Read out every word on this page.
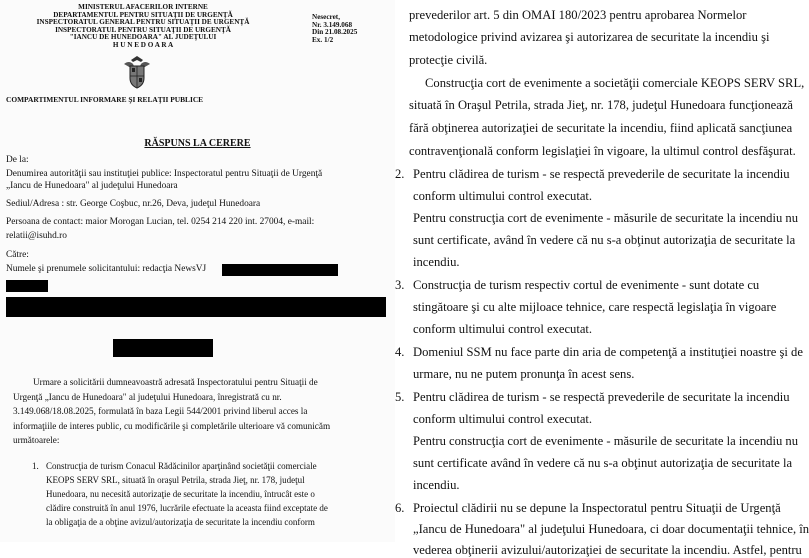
MINISTERUL AFACERILOR INTERNE
DEPARTAMENTUL PENTRU SITUAŢII DE URGENŢĂ
INSPECTORATUL GENERAL PENTRU SITUAŢII DE URGENŢĂ
INSPECTORATUL PENTRU SITUAŢII DE URGENŢĂ
"IANCU DE HUNEDOARA" AL JUDEŢULUI
H U N E D O A R A
Nesecret,
Nr. 3.149.068
Din 21.08.2025
Ex. 1/2
COMPARTIMENTUL INFORMARE ŞI RELAŢII PUBLICE
RĂSPUNS LA CERERE
De la:
Denumirea autorităţii sau instituţiei publice: Inspectoratul pentru Situaţii de Urgenţă
„Iancu de Hunedoara" al judeţului Hunedoara
Sediul/Adresa : str. George Coşbuc, nr.26, Deva, judeţul Hunedoara
Persoana de contact: maior Morogan Lucian, tel. 0254 214 220 int. 27004, e-mail:
relatii@isuhd.ro
Către:
Numele şi prenumele solicitantului: redacţia NewsVJ
Urmare a solicitării dumneavoastră adresată Inspectoratului pentru Situaţii de
Urgenţă „Iancu de Hunedoara" al judeţului Hunedoara, înregistrată cu nr.
3.149.068/18.08.2025, formulată în baza Legii 544/2001 privind liberul acces la
informaţiile de interes public, cu modificările şi completările ulterioare vă comunicăm
următoarele:
1. Construcţia de turism Conacul Rădăcinilor aparţinând societăţii comerciale
KEOPS SERV SRL, situată în oraşul Petrila, strada Jieţ, nr. 178, judeţul
Hunedoara, nu necesită autorizaţie de securitate la incendiu, întrucât este o
clădire construită în anul 1976, lucrările efectuate la aceasta fiind exceptate de
la obligaţia de a obţine avizul/autorizaţia de securitate la incendiu conform
prevederilor art. 5 din OMAI 180/2023 pentru aprobarea Normelor
metodologice privind avizarea şi autorizarea de securitate la incendiu şi
protecţie civilă.
Construcţia cort de evenimente a societăţii comerciale KEOPS SERV SRL,
situată în Oraşul Petrila, strada Jieţ, nr. 178, judeţul Hunedoara funcţionează
fără obţinerea autorizaţiei de securitate la incendiu, fiind aplicată sancţiunea
contravenţională conform legislaţiei în vigoare, la ultimul control desfăşurat.
2. Pentru clădirea de turism - se respectă prevederile de securitate la incendiu
conform ultimului control executat.
Pentru construcţia cort de evenimente - măsurile de securitate la incendiu nu
sunt certificate, având în vedere că nu s-a obţinut autorizaţia de securitate la
incendiu.
3. Construcţia de turism respectiv cortul de evenimente - sunt dotate cu
stingătoare şi cu alte mijloace tehnice, care respectă legislaţia în vigoare
conform ultimului control executat.
4. Domeniul SSM nu face parte din aria de competenţă a instituţiei noastre şi de
urmare, nu ne putem pronunţa în acest sens.
5. Pentru clădirea de turism - se respectă prevederile de securitate la incendiu
conform ultimului control executat.
Pentru construcţia cort de evenimente - măsurile de securitate la incendiu nu
sunt certificate având în vedere că nu s-a obţinut autorizaţia de securitate la
incendiu.
6. Proiectul clădirii nu se depune la Inspectoratul pentru Situaţii de Urgenţă
„Iancu de Hunedoara" al judeţului Hunedoara, ci doar documentaţii tehnice, în
vederea obţinerii avizului/autorizaţiei de securitate la incendiu. Astfel, pentru
